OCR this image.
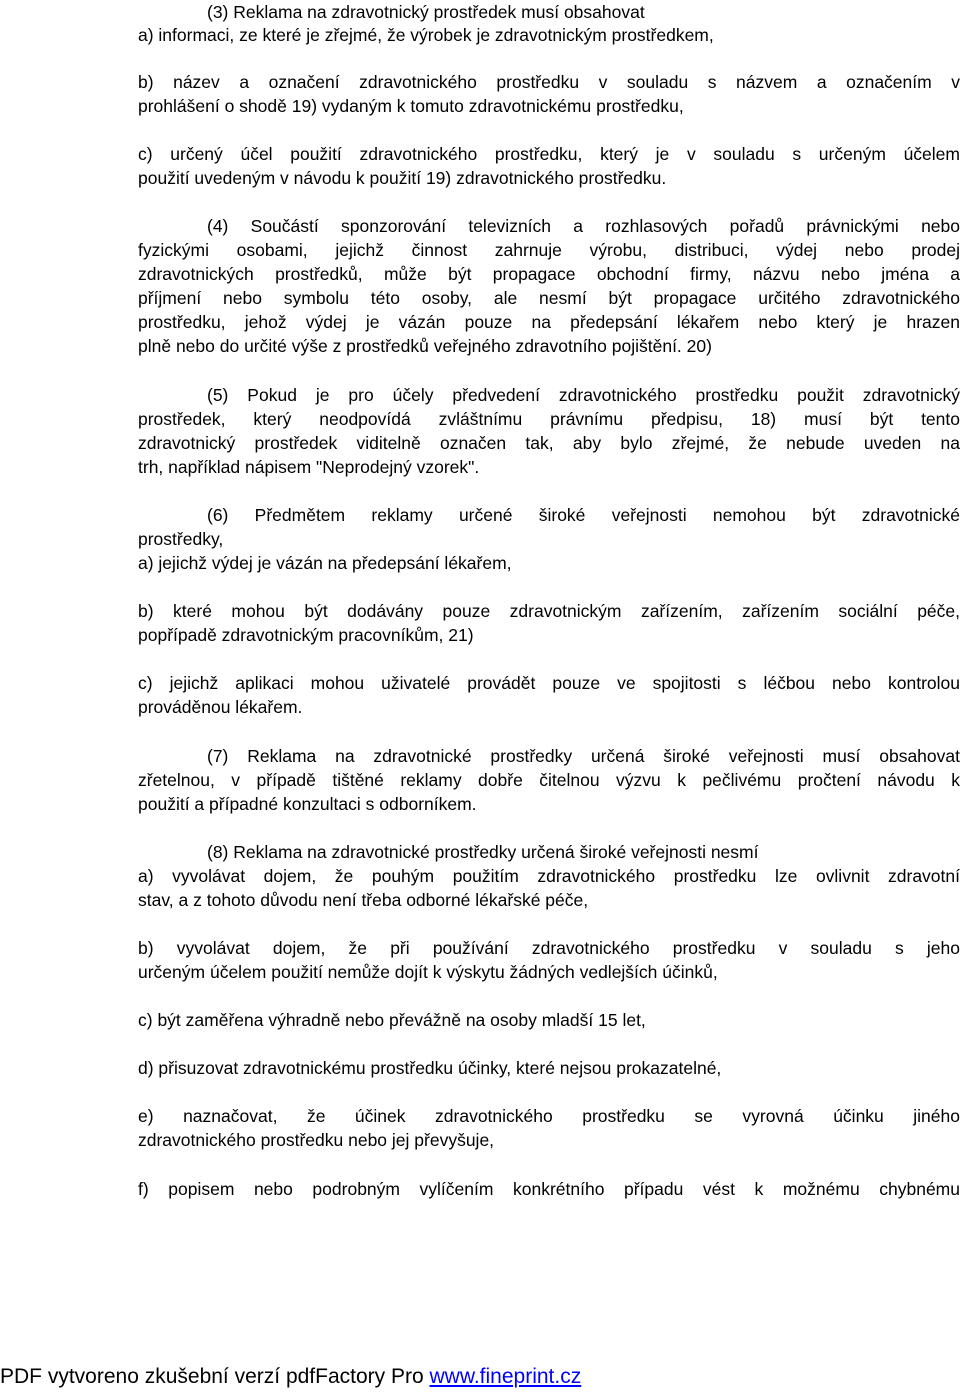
(3) Reklama na zdravotnický prostředek musí obsahovat

a) informaci, ze které je zřejmé, že výrobek je zdravotnickým prostředkem,

b) název a označení zdravotnického prostředku v souladu s názvem a označením v

prohlášení o shodě 19) vydaným k tomuto zdravotnickému prostředku,

c) určený účel použití zdravotnického prostředku, který je v souladu s určeným účelem

použití uvedeným v návodu k použití 19) zdravotnického prostředku.

(4) Součástí sponzorování televizních a rozhlasových pořadů právnickými nebo

fyzickými osobami, jejichž činnost zahrnuje výrobu, distribuci, výdej nebo prodej

zdravotnických prostředků, může být propagace obchodní firmy, názvu nebo jména a

příjmení nebo symbolu této osoby, ale nesmí být propagace určitého zdravotnického

prostředku, jehož výdej je vázán pouze na předepsání lékařem nebo který je hrazen

plně nebo do určité výše z prostředků veřejného zdravotního pojištění. 20)

(5) Pokud je pro účely předvedení zdravotnického prostředku použit zdravotnický

prostředek, který neodpovídá zvláštnímu právnímu předpisu, 18) musí být tento

zdravotnický prostředek viditelně označen tak, aby bylo zřejmé, že nebude uveden na

trh, například nápisem "Neprodejný vzorek".

(6) Předmětem reklamy určené široké veřejnosti nemohou být zdravotnické

prostředky,

a) jejichž výdej je vázán na předepsání lékařem,

b) které mohou být dodávány pouze zdravotnickým zařízením, zařízením sociální péče,

popřípadě zdravotnickým pracovníkům, 21)

c) jejichž aplikaci mohou uživatelé provádět pouze ve spojitosti s léčbou nebo kontrolou

prováděnou lékařem.

(7) Reklama na zdravotnické prostředky určená široké veřejnosti musí obsahovat

zřetelnou, v případě tištěné reklamy dobře čitelnou výzvu k pečlivému pročtení návodu k

použití a případné konzultaci s odborníkem.

(8) Reklama na zdravotnické prostředky určená široké veřejnosti nesmí

a) vyvolávat dojem, že pouhým použitím zdravotnického prostředku lze ovlivnit zdravotní

stav, a z tohoto důvodu není třeba odborné lékařské péče,

b) vyvolávat dojem, že při používání zdravotnického prostředku v souladu s jeho

určeným účelem použití nemůže dojít k výskytu žádných vedlejších účinků,

c) být zaměřena výhradně nebo převážně na osoby mladší 15 let,

d) přisuzovat zdravotnickému prostředku účinky, které nejsou prokazatelné,

e) naznačovat, že účinek zdravotnického prostředku se vyrovná účinku jiného

zdravotnického prostředku nebo jej převyšuje,

f) popisem nebo podrobným vylíčením konkrétního případu vést k možnému chybnému

PDF vytvoreno zkušební verzí pdfFactory Pro www.fineprint.cz
